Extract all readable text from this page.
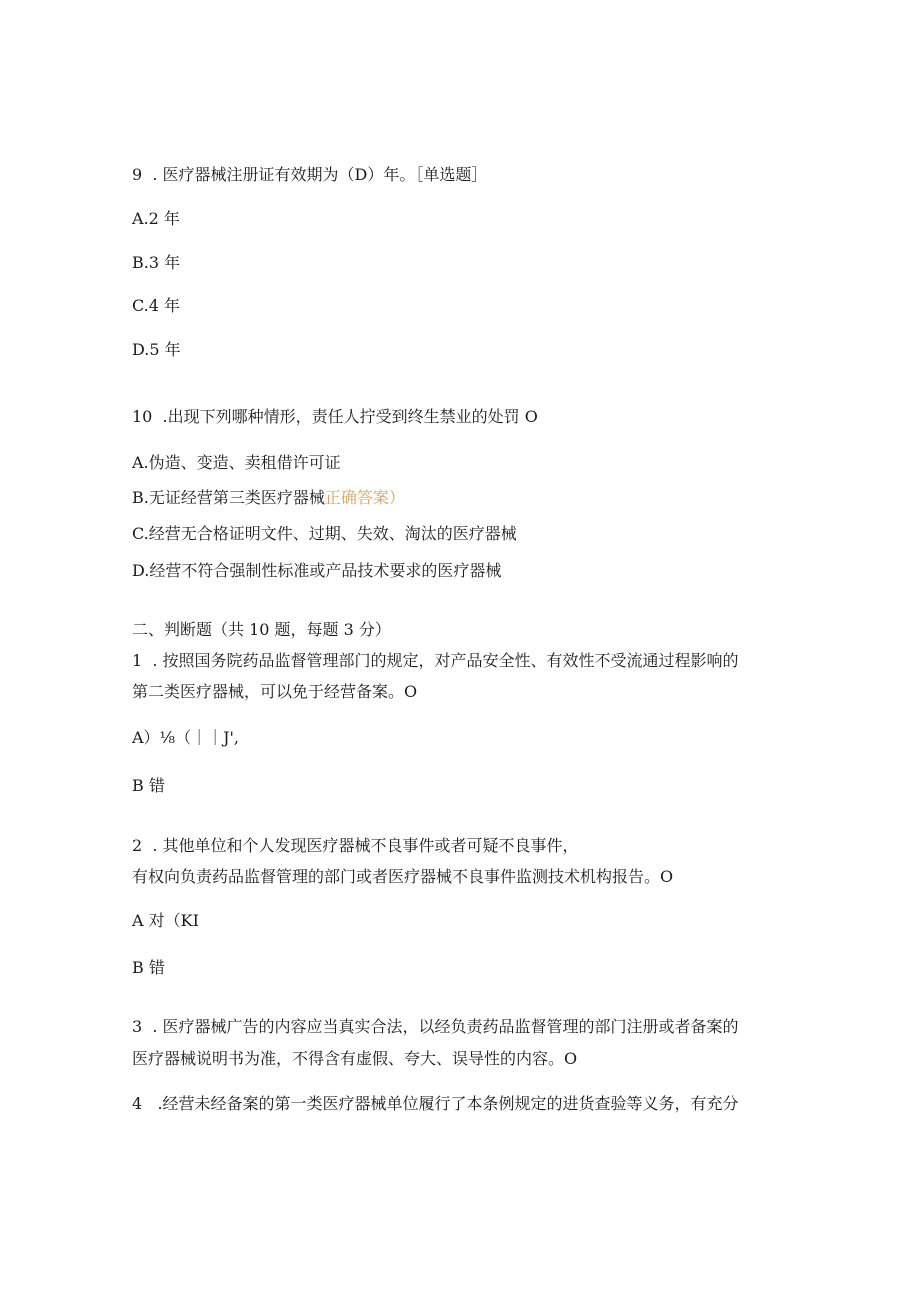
9 . 医疗器械注册证有效期为（D）年。［单选题］
A.2 年
B.3 年
C.4 年
D.5 年
10 .出现下列哪种情形，责任人拧受到终生禁业的处罚 O
A.伪造、变造、卖租借许可证
B.无证经营第三类医疗器械正确答案）
C.经营无合格证明文件、过期、失效、淘汰的医疗器械
D.经营不符合强制性标准或产品技术要求的医疗器械
二、判断题（共 10 题，每题 3 分）
1 . 按照国务院药品监督管理部门的规定，对产品安全性、有效性不受流通过程影响的
第二类医疗器械，可以免于经营备案。O
A）⅛（｜｜J',
B 错
2 . 其他单位和个人发现医疗器械不良事件或者可疑不良事件，
有权向负责药品监督管理的部门或者医疗器械不良事件监测技术机构报告。O
A 对（KI
B 错
3 . 医疗器械广告的内容应当真实合法，以经负责药品监督管理的部门注册或者备案的
医疗器械说明书为准，不得含有虚假、夸大、误导性的内容。O
4 .经营未经备案的第一类医疗器械单位履行了本条例规定的进货查验等义务，有充分
